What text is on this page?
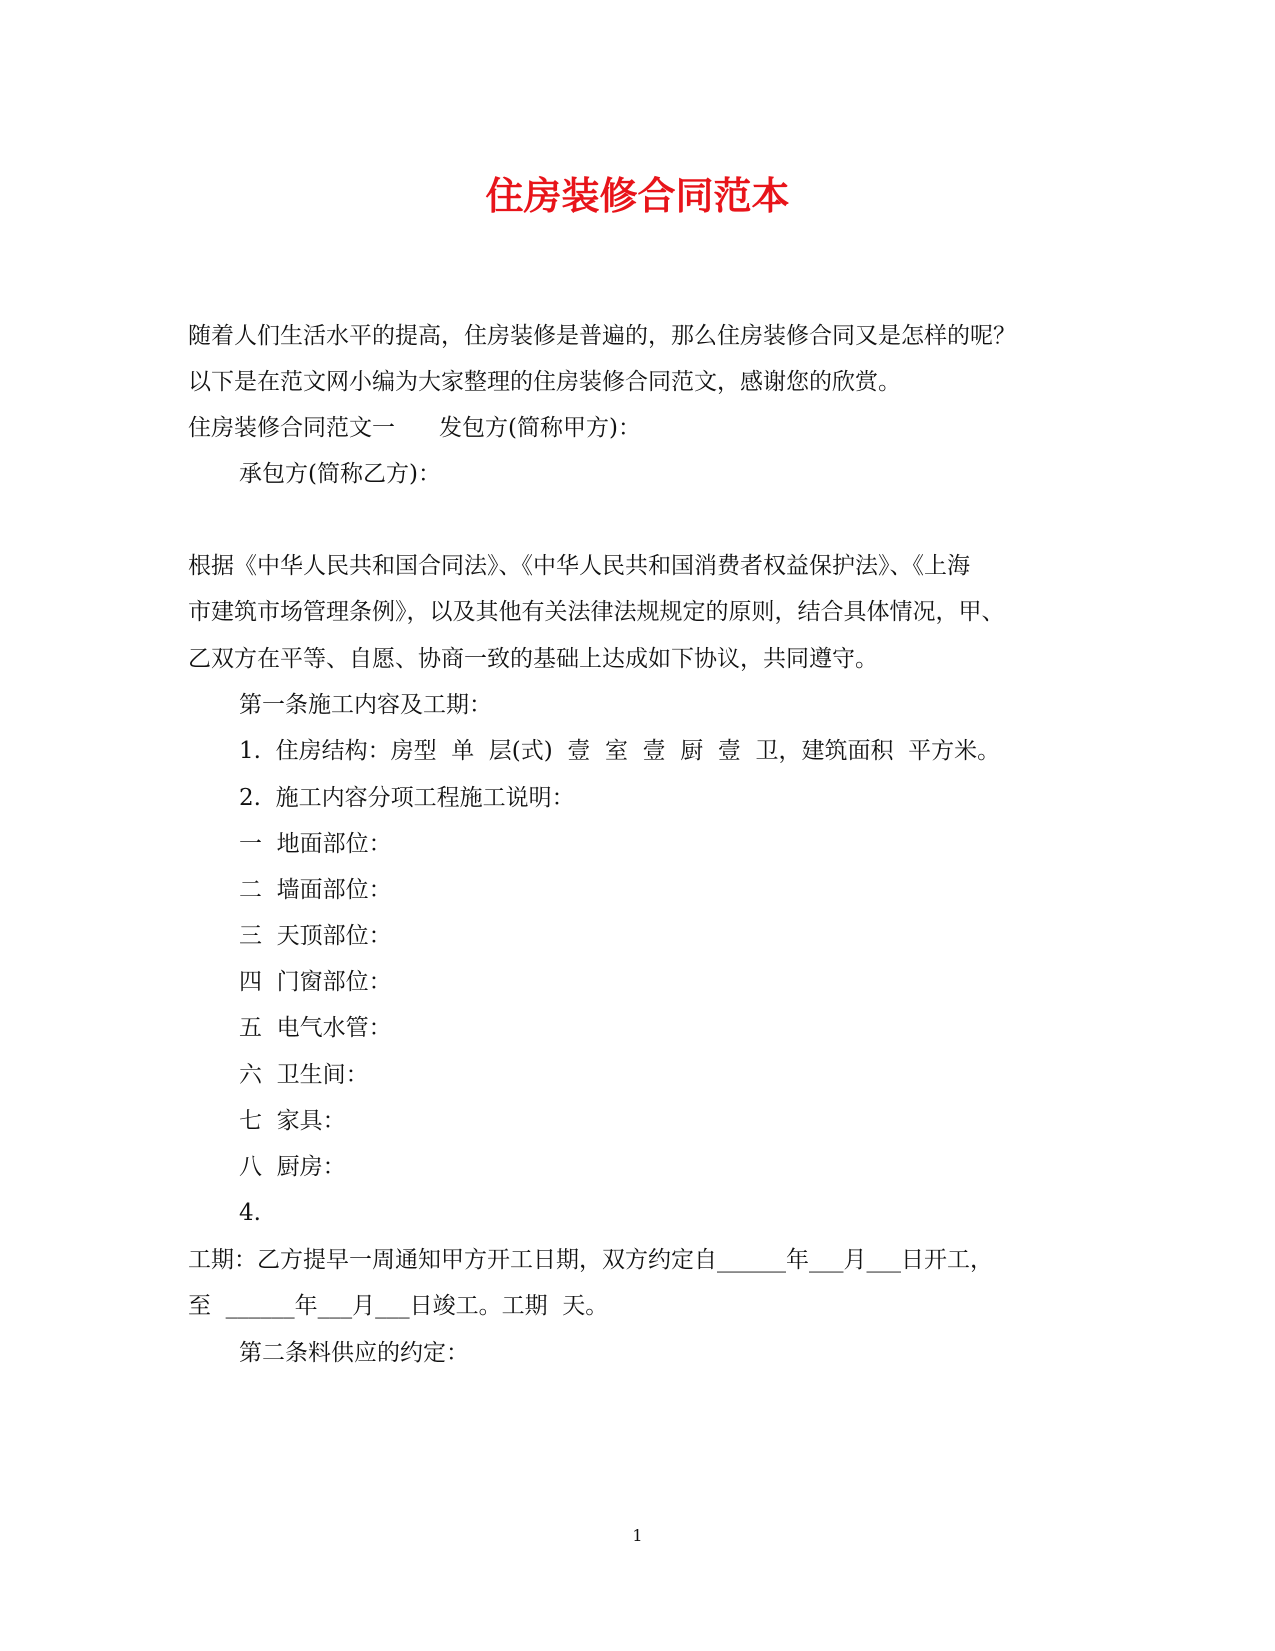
住房装修合同范本

随着人们生活水平的提高，住房装修是普遍的，那么住房装修合同又是怎样的呢？

以下是在范文网小编为大家整理的住房装修合同范文，感谢您的欣赏。

住房装修合同范文一 发包方(简称甲方)：

承包方(简称乙方)：

根据《中华人民共和国合同法》、《中华人民共和国消费者权益保护法》、《上海

市建筑市场管理条例》，以及其他有关法律法规规定的原则，结合具体情况，甲、

乙双方在平等、自愿、协商一致的基础上达成如下协议，共同遵守。

第一条施工内容及工期：

1.  住房结构：房型  单  层(式)  壹  室  壹  厨  壹  卫，建筑面积  平方米。

2.  施工内容分项工程施工说明：

一  地面部位：

二  墙面部位：

三  天顶部位：

四  门窗部位：

五  电气水管：

六  卫生间：

七  家具：

八  厨房：

4.

工期：乙方提早一周通知甲方开工日期，双方约定自______年___月___日开工，

至  ______年___月___日竣工。工期  天。

第二条料供应的约定：

1
